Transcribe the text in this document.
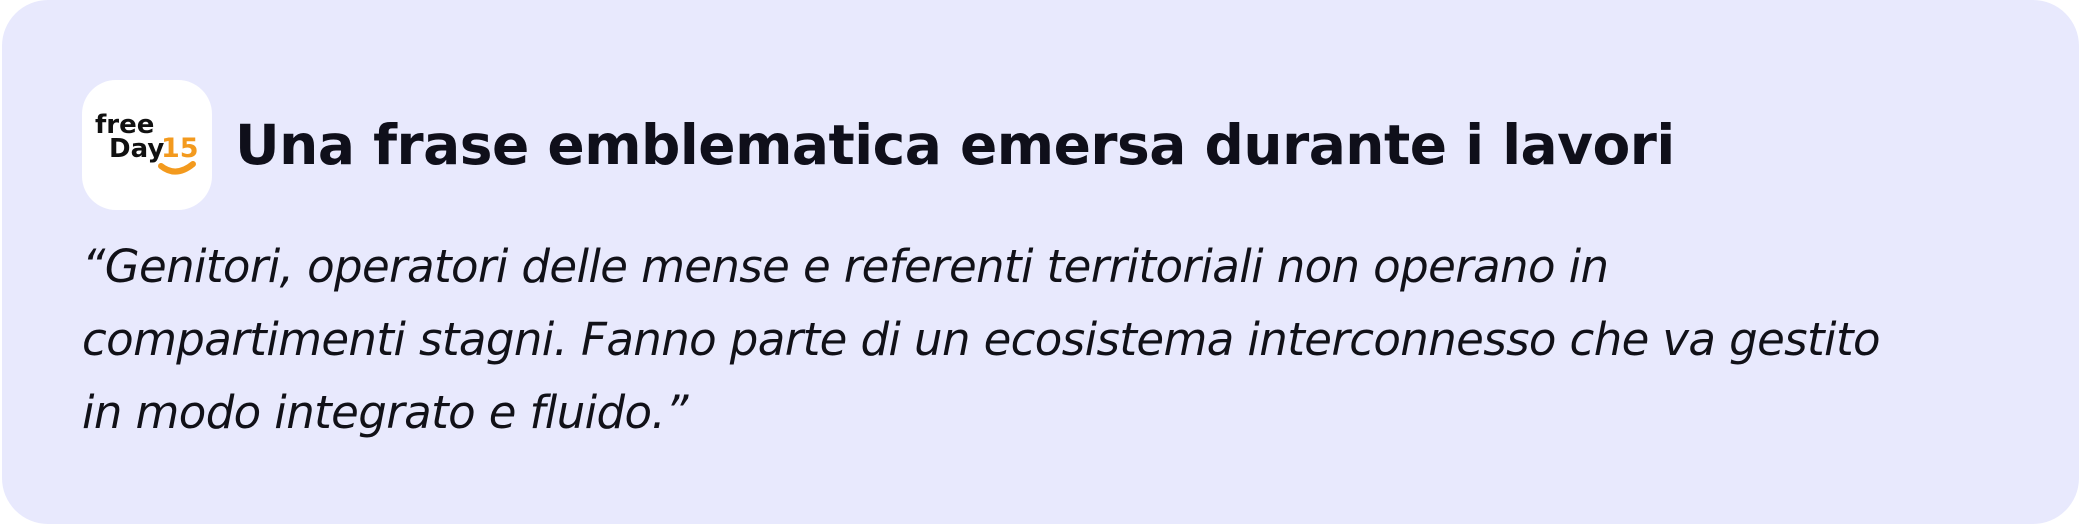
free
Day
15 Una frase emblematica emersa durante i lavori

“Genitori, operatori delle mense e referenti territoriali non operano in
compartimenti stagni. Fanno parte di un ecosistema interconnesso che va gestito
in modo integrato e fluido.”
